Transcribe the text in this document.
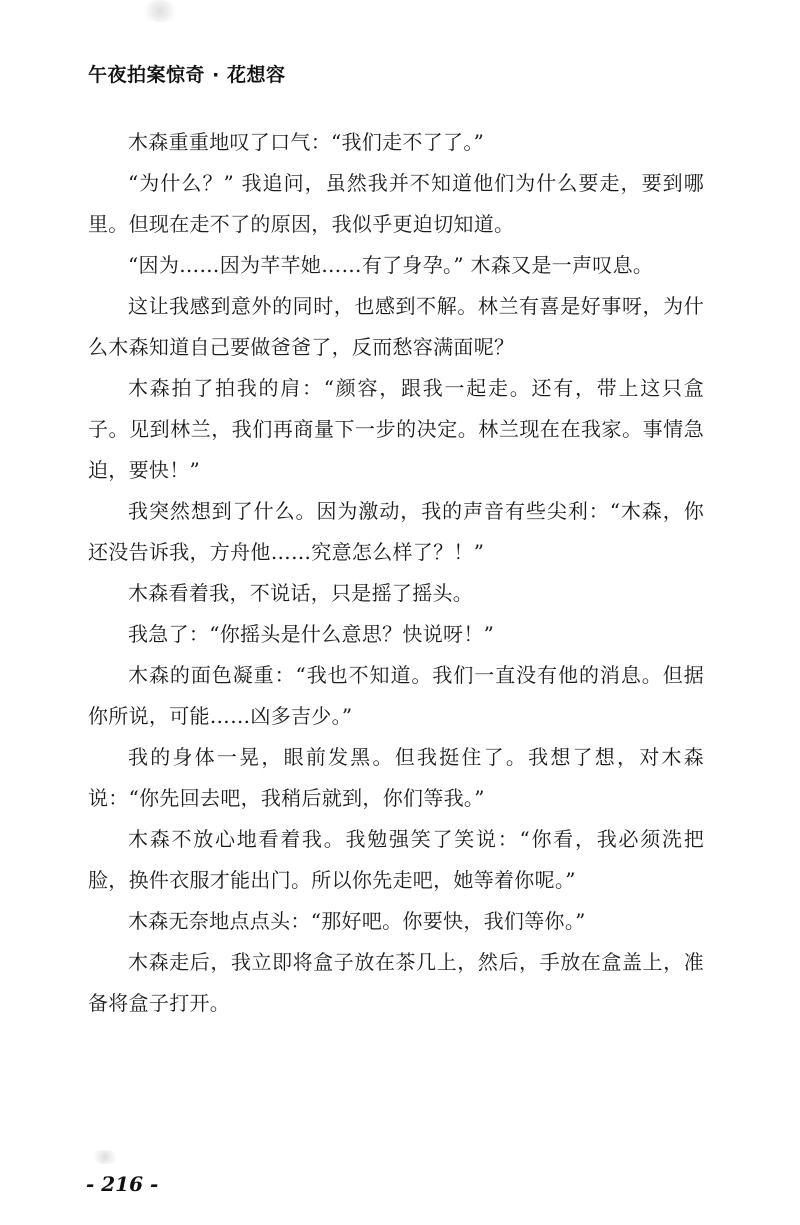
午夜拍案惊奇 · 花想容

木森重重地叹了口气：“我们走不了了。”

“为什么？” 我追问，虽然我并不知道他们为什么要走，要到哪里。但现在走不了的原因，我似乎更迫切知道。

“因为……因为芊芊她……有了身孕。” 木森又是一声叹息。

这让我感到意外的同时，也感到不解。林兰有喜是好事呀，为什么木森知道自己要做爸爸了，反而愁容满面呢？

木森拍了拍我的肩：“颜容，跟我一起走。还有，带上这只盒子。见到林兰，我们再商量下一步的决定。林兰现在在我家。事情急迫，要快！”

我突然想到了什么。因为激动，我的声音有些尖利：“木森，你还没告诉我，方舟他……究意怎么样了？！”

木森看着我，不说话，只是摇了摇头。

我急了：“你摇头是什么意思？快说呀！”

木森的面色凝重：“我也不知道。我们一直没有他的消息。但据你所说，可能……凶多吉少。”

我的身体一晃，眼前发黑。但我挺住了。我想了想，对木森说：“你先回去吧，我稍后就到，你们等我。”

木森不放心地看着我。我勉强笑了笑说：“你看，我必须洗把脸，换件衣服才能出门。所以你先走吧，她等着你呢。”

木森无奈地点点头：“那好吧。你要快，我们等你。”

木森走后，我立即将盒子放在茶几上，然后，手放在盒盖上，准备将盒子打开。

- 216 -
